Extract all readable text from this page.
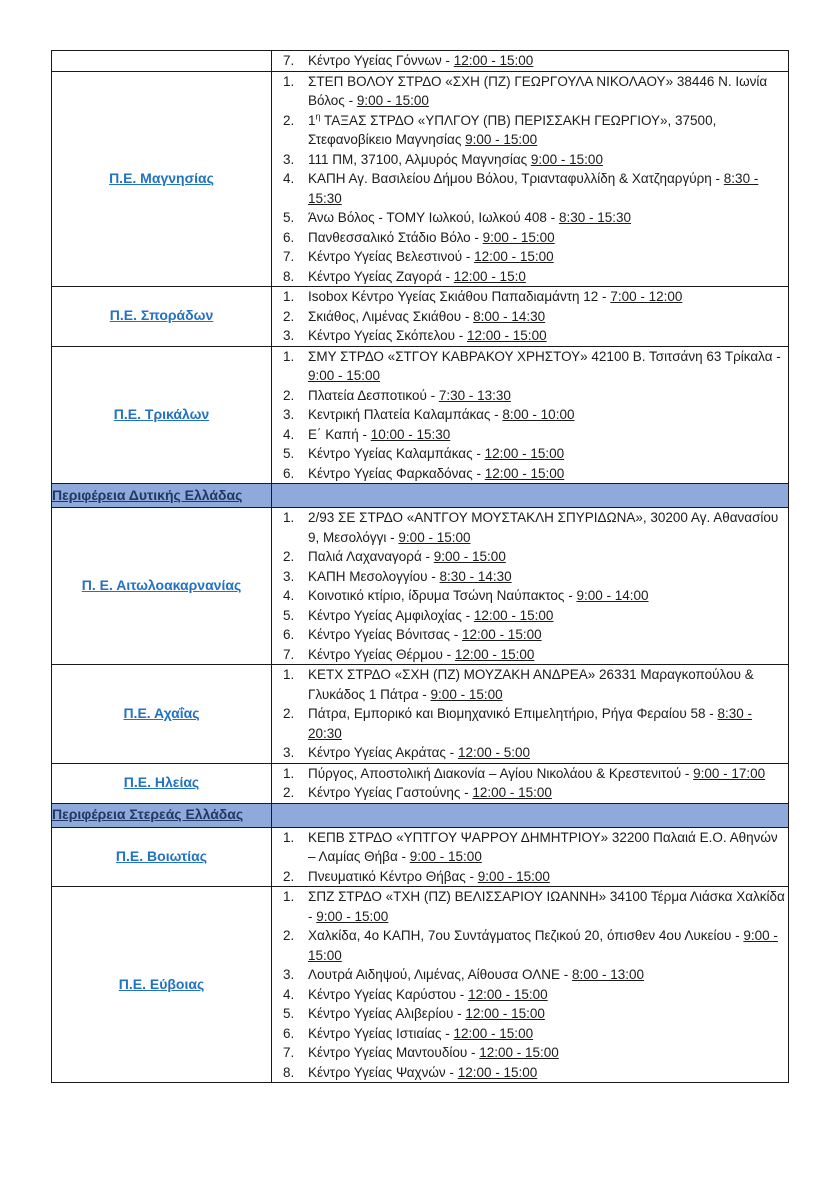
	7. Κέντρο Υγείας Γόννων - 12:00 - 15:00

Π.Ε. Μαγνησίας	
1.	ΣΤΕΠ ΒΟΛΟΥ ΣΤΡΔΟ «ΣΧΗ (ΠΖ) ΓΕΩΡΓΟΥΛΑ ΝΙΚΟΛΑΟΥ» 38446 Ν. Ιωνία Βόλος - 9:00 - 15:00
2.	$1^\eta$ ΤΑΞΑΣ ΣΤΡΔΟ «ΥΠΛΓΟΥ (ΠΒ) ΠΕΡΙΣΣΑΚΗ ΓΕΩΡΓΙΟΥ», 37500, Στεφανοβίκειο Μαγνησίας 9:00 - 15:00
3.	111 ΠΜ, 37100, Αλμυρός Μαγνησίας 9:00 - 15:00
4.	ΚΑΠΗ Αγ. Βασιλείου Δήμου Βόλου, Τριανταφυλλίδη & Χατζηαργύρη - 8:30 - 15:30
5.	Άνω Βόλος - ΤΟΜΥ Ιωλκού, Ιωλκού 408 - 8:30 - 15:30
6.	Πανθεσσαλικό Στάδιο Βόλο - 9:00 - 15:00
7.	Κέντρο Υγείας Βελεστινού - 12:00 - 15:00
8.	Κέντρο Υγείας Ζαγορά - 12:00 - 15:0

Π.Ε. Σποράδων	
1.	Isobox Κέντρο Υγείας Σκιάθου Παπαδιαμάντη 12 - 7:00 - 12:00
2.	Σκιάθος, Λιμένας Σκιάθου - 8:00 - 14:30
3.	Κέντρο Υγείας Σκόπελου - 12:00 - 15:00

Π.Ε. Τρικάλων	
1.	ΣΜΥ ΣΤΡΔΟ «ΣΤΓΟΥ ΚΑΒΡΑΚΟΥ ΧΡΗΣΤΟΥ» 42100 Β. Τσιτσάνη 63 Τρίκαλα - 9:00 - 15:00
2.	Πλατεία Δεσποτικού - 7:30 - 13:30
3.	Κεντρική Πλατεία Καλαμπάκας - 8:00 - 10:00
4.	Ε΄ Καπή - 10:00 - 15:30
5.	Κέντρο Υγείας Καλαμπάκας - 12:00 - 15:00
6.	Κέντρο Υγείας Φαρκαδόνας - 12:00 - 15:00

Περιφέρεια Δυτικής Ελλάδας	
Π. Ε. Αιτωλοακαρνανίας	
1.	2/93 ΣΕ ΣΤΡΔΟ «ΑΝΤΓΟΥ ΜΟΥΣΤΑΚΛΗ ΣΠΥΡΙΔΩΝΑ», 30200 Αγ. Αθανασίου 9, Μεσολόγγι - 9:00 - 15:00
2.	Παλιά Λαχαναγορά - 9:00 - 15:00
3.	ΚΑΠΗ Μεσολογγίου - 8:30 - 14:30
4.	Κοινοτικό κτίριο, ίδρυμα Τσώνη Ναύπακτος - 9:00 - 14:00
5.	Κέντρο Υγείας Αμφιλοχίας - 12:00 - 15:00
6.	Κέντρο Υγείας Βόνιτσας - 12:00 - 15:00
7.	Κέντρο Υγείας Θέρμου - 12:00 - 15:00

Π.Ε. Αχαΐας	
1.	ΚΕΤΧ ΣΤΡΔΟ «ΣΧΗ (ΠΖ) ΜΟΥΖΑΚΗ ΑΝΔΡΕΑ» 26331 Μαραγκοπούλου & Γλυκάδος 1 Πάτρα - 9:00 - 15:00
2.	Πάτρα, Εμπορικό και Βιομηχανικό Επιμελητήριο, Ρήγα Φεραίου 58 - 8:30 - 20:30
3.	Κέντρο Υγείας Ακράτας - 12:00 - 5:00

Π.Ε. Ηλείας	1. Πύργος, Αποστολική Διακονία – Αγίου Νικολάου & Κρεστενιτού - 9:00 - 17:00
2. Κέντρο Υγείας Γαστούνης - 12:00 - 15:00

Περιφέρεια Στερεάς Ελλάδας	
Π.Ε. Βοιωτίας	1. ΚΕΠΒ ΣΤΡΔΟ «ΥΠΤΓΟΥ ΨΑΡΡΟΥ ΔΗΜΗΤΡΙΟΥ» 32200 Παλαιά Ε.Ο. Αθηνών – Λαμίας Θήβα - 9:00 - 15:00
2. Πνευματικό Κέντρο Θήβας - 9:00 - 15:00

Π.Ε. Εύβοιας	
1.	ΣΠΖ ΣΤΡΔΟ «ΤΧΗ (ΠΖ) ΒΕΛΙΣΣΑΡΙΟΥ ΙΩΑΝΝΗ» 34100 Τέρμα Λιάσκα Χαλκίδα - 9:00 - 15:00
2.	Χαλκίδα, 4ο ΚΑΠΗ, 7ου Συντάγματος Πεζικού 20, όπισθεν 4ου Λυκείου - 9:00 - 15:00
3.	Λουτρά Αιδηψού, Λιμένας, Αίθουσα ΟΛΝΕ - 8:00 - 13:00
4.	Κέντρο Υγείας Καρύστου - 12:00 - 15:00
5.	Κέντρο Υγείας Αλιβερίου - 12:00 - 15:00
6.	Κέντρο Υγείας Ιστιαίας - 12:00 - 15:00
7.	Κέντρο Υγείας Μαντουδίου - 12:00 - 15:00
8.	Κέντρο Υγείας Ψαχνών - 12:00 - 15:00
